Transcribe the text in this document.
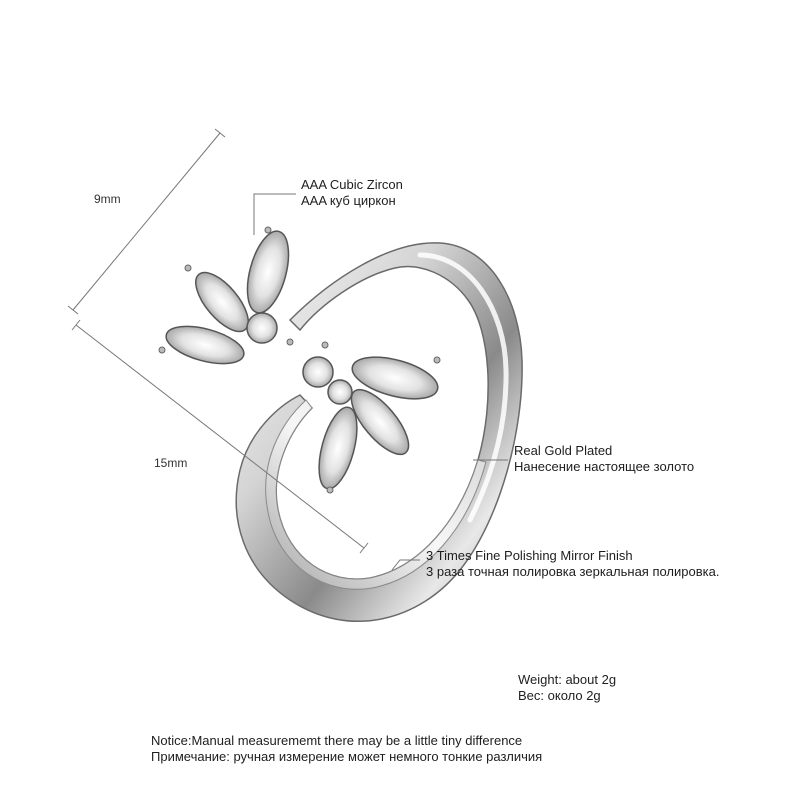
9mm
15mm
AAA Cubic Zircon
AAA куб циркон
Real Gold Plated
Нанесение настоящее золото
3 Times Fine Polishing Mirror Finish
3 раза точная полировка зеркальная полировка.
Weight: about 2g
Вес: около 2g
Notice:Manual measurememt there may be a little tiny difference
Примечание: ручная измерение может немного тонкие различия
